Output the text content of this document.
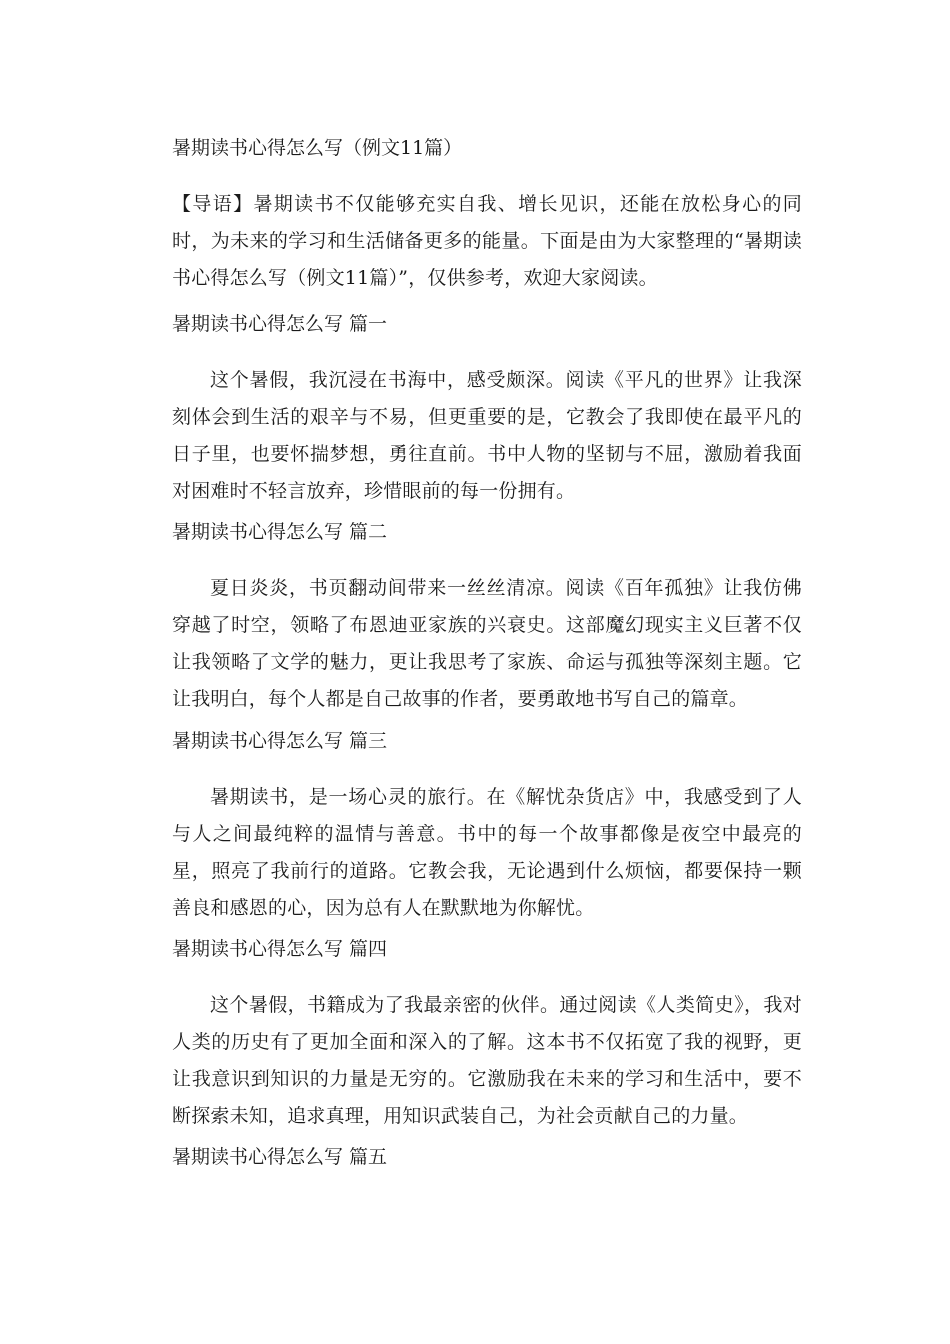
暑期读书心得怎么写（例文11篇）
【导语】暑期读书不仅能够充实自我、增长见识，还能在放松身心的同时，为未来的学习和生活储备更多的能量。下面是由为大家整理的“暑期读书心得怎么写（例文11篇）”，仅供参考，欢迎大家阅读。
暑期读书心得怎么写 篇一
这个暑假，我沉浸在书海中，感受颇深。阅读《平凡的世界》让我深刻体会到生活的艰辛与不易，但更重要的是，它教会了我即使在最平凡的日子里，也要怀揣梦想，勇往直前。书中人物的坚韧与不屈，激励着我面对困难时不轻言放弃，珍惜眼前的每一份拥有。
暑期读书心得怎么写 篇二
夏日炎炎，书页翻动间带来一丝丝清凉。阅读《百年孤独》让我仿佛穿越了时空，领略了布恩迪亚家族的兴衰史。这部魔幻现实主义巨著不仅让我领略了文学的魅力，更让我思考了家族、命运与孤独等深刻主题。它让我明白，每个人都是自己故事的作者，要勇敢地书写自己的篇章。
暑期读书心得怎么写 篇三
暑期读书，是一场心灵的旅行。在《解忧杂货店》中，我感受到了人与人之间最纯粹的温情与善意。书中的每一个故事都像是夜空中最亮的星，照亮了我前行的道路。它教会我，无论遇到什么烦恼，都要保持一颗善良和感恩的心，因为总有人在默默地为你解忧。
暑期读书心得怎么写 篇四
这个暑假，书籍成为了我最亲密的伙伴。通过阅读《人类简史》，我对人类的历史有了更加全面和深入的了解。这本书不仅拓宽了我的视野，更让我意识到知识的力量是无穷的。它激励我在未来的学习和生活中，要不断探索未知，追求真理，用知识武装自己，为社会贡献自己的力量。
暑期读书心得怎么写 篇五
